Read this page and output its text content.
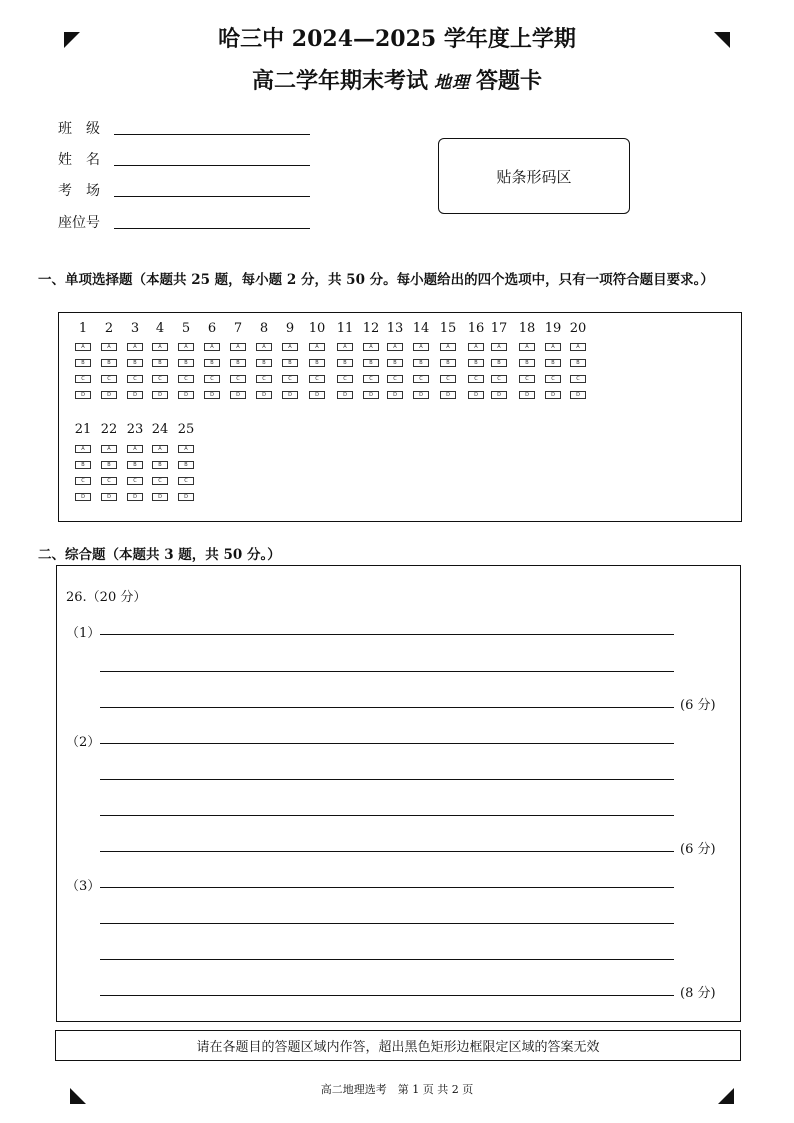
哈三中 2024—2025 学年度上学期
高二学年期末考试 地理 答题卡
班　级
姓　名
考　场
座位号
贴条形码区
一、单项选择题（本题共 25 题，每小题 2 分，共 50 分。每小题给出的四个选项中，只有一项符合题目要求。）
1
A
B
C
D
2
A
B
C
D
3
A
B
C
D
4
A
B
C
D
5
A
B
C
D
6
A
B
C
D
7
A
B
C
D
8
A
B
C
D
9
A
B
C
D
10
A
B
C
D
11
A
B
C
D
12
A
B
C
D
13
A
B
C
D
14
A
B
C
D
15
A
B
C
D
16
A
B
C
D
17
A
B
C
D
18
A
B
C
D
19
A
B
C
D
20
A
B
C
D
21
A
B
C
D
22
A
B
C
D
23
A
B
C
D
24
A
B
C
D
25
A
B
C
D
二、综合题（本题共 3 题，共 50 分。）
26.（20 分）
（1）
(6 分)
（2）
(6 分)
（3）
(8 分)
请在各题目的答题区域内作答，超出黑色矩形边框限定区域的答案无效
高二地理选考　第 1 页 共 2 页
